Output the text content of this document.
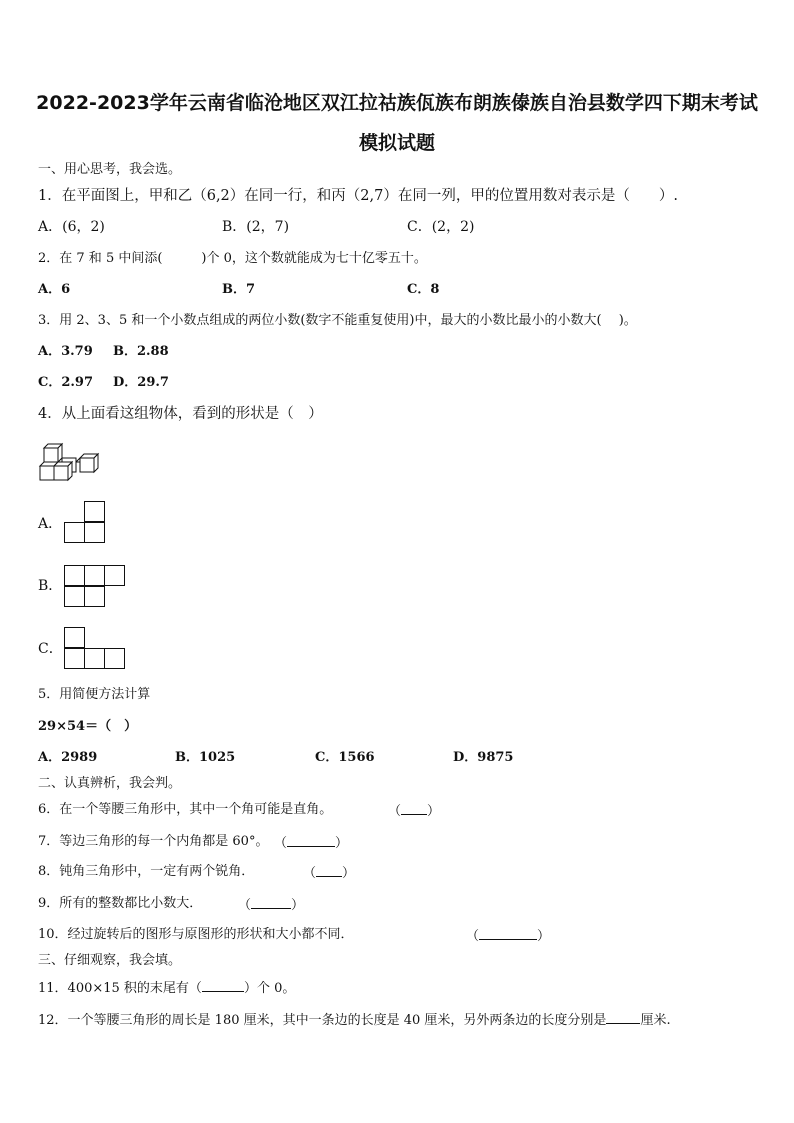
2022-2023学年云南省临沧地区双江拉祜族佤族布朗族傣族自治县数学四下期末考试
模拟试题
一、用心思考，我会选。
1．在平面图上，甲和乙（6,2）在同一行，和丙（2,7）在同一列，甲的位置用数对表示是（　　）.
A．(6，2)	B．(2，7)	C．(2，2)
2．在 7 和 5 中间添(　　　)个 0，这个数就能成为七十亿零五十。
A．6	B．7	C．8
3．用 2、3、5 和一个小数点组成的两位小数(数字不能重复使用)中，最大的小数比最小的小数大(　 )。
A．3.79 B．2.88
C．2.97 D．29.7
4．从上面看这组物体，看到的形状是（　）
A．
B．
C．
5．用简便方法计算
29×54＝（　）
A．2989	B．1025	C．1566	D．9875
二、认真辨析，我会判。
6．在一个等腰三角形中，其中一个角可能是直角。	（ ）
7．等边三角形的每一个内角都是 60°。 （	）
8．钝角三角形中，一定有两个锐角．	（ ）
9．所有的整数都比小数大．	（	）
10．经过旋转后的图形与原图形的形状和大小都不同．	（	）
三、仔细观察，我会填。
11．400×15 积的末尾有（	）个 0。
12．一个等腰三角形的周长是 180 厘米，其中一条边的长度是 40 厘米，另外两条边的长度分别是	厘米.
